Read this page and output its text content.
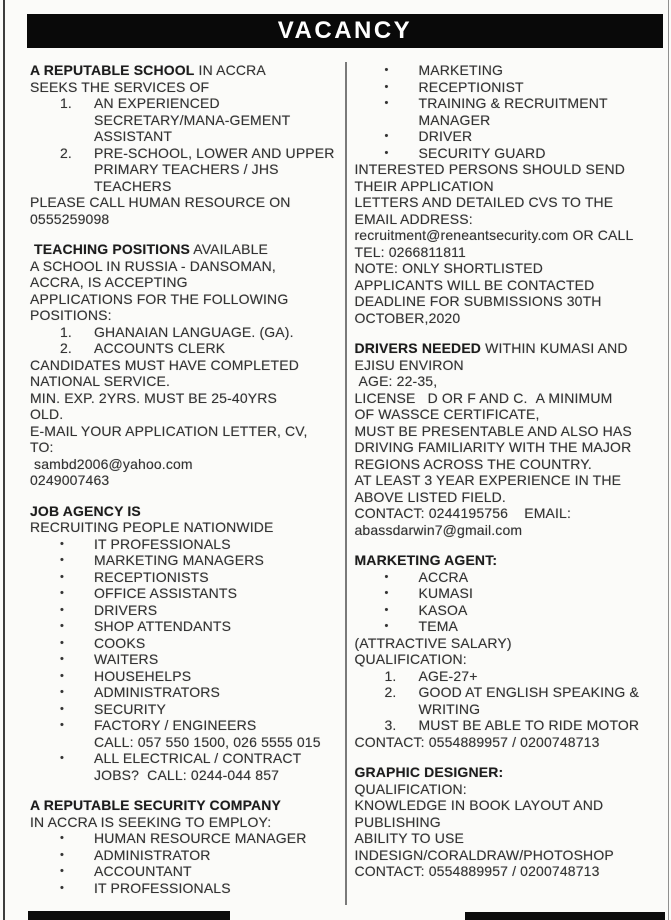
VACANCY
A REPUTABLE SCHOOL IN ACCRA
SEEKS THE SERVICES OF
1.	AN EXPERIENCED SECRETARY/MANA-GEMENT ASSISTANT
2.	PRE-SCHOOL, LOWER AND UPPER PRIMARY TEACHERS / JHS TEACHERS
PLEASE CALL HUMAN RESOURCE ON
0555259098
TEACHING POSITIONS AVAILABLE
A SCHOOL IN RUSSIA - DANSOMAN,
ACCRA, IS ACCEPTING
APPLICATIONS FOR THE FOLLOWING
POSITIONS:
1.	GHANAIAN LANGUAGE. (GA).
2.	ACCOUNTS CLERK
CANDIDATES MUST HAVE COMPLETED
NATIONAL SERVICE.
MIN. EXP. 2YRS. MUST BE 25-40YRS
OLD.
E-MAIL YOUR APPLICATION LETTER, CV,
TO:
sambd2006@yahoo.com
0249007463
JOB AGENCY IS
RECRUITING PEOPLE NATIONWIDE
•	IT PROFESSIONALS
•	MARKETING MANAGERS
•	RECEPTIONISTS
•	OFFICE ASSISTANTS
•	DRIVERS
•	SHOP ATTENDANTS
•	COOKS
•	WAITERS
•	HOUSEHELPS
•	ADMINISTRATORS
•	SECURITY
•	FACTORY / ENGINEERS
CALL: 057 550 1500, 026 5555 015
•	ALL ELECTRICAL / CONTRACT JOBS?  CALL: 0244-044 857
A REPUTABLE SECURITY COMPANY
IN ACCRA IS SEEKING TO EMPLOY:
•	HUMAN RESOURCE MANAGER
•	ADMINISTRATOR
•	ACCOUNTANT
•	IT PROFESSIONALS
•	MARKETING
•	RECEPTIONIST
•	TRAINING & RECRUITMENT MANAGER
•	DRIVER
•	SECURITY GUARD
INTERESTED PERSONS SHOULD SEND
THEIR APPLICATION
LETTERS AND DETAILED CVS TO THE
EMAIL ADDRESS:
recruitment@reneantsecurity.com OR CALL
TEL: 0266811811
NOTE: ONLY SHORTLISTED
APPLICANTS WILL BE CONTACTED
DEADLINE FOR SUBMISSIONS 30TH
OCTOBER,2020
DRIVERS NEEDED WITHIN KUMASI AND
EJISU ENVIRON
AGE: 22-35,
LICENSE   D OR F AND C.  A MINIMUM
OF WASSCE CERTIFICATE,
MUST BE PRESENTABLE AND ALSO HAS
DRIVING FAMILIARITY WITH THE MAJOR
REGIONS ACROSS THE COUNTRY.
AT LEAST 3 YEAR EXPERIENCE IN THE
ABOVE LISTED FIELD.
CONTACT: 0244195756    EMAIL:
abassdarwin7@gmail.com
MARKETING AGENT:
•	ACCRA
•	KUMASI
•	KASOA
•	TEMA
(ATTRACTIVE SALARY)
QUALIFICATION:
1.	AGE-27+
2.	GOOD AT ENGLISH SPEAKING & WRITING
3.	MUST BE ABLE TO RIDE MOTOR
CONTACT: 0554889957 / 0200748713
GRAPHIC DESIGNER:
QUALIFICATION:
KNOWLEDGE IN BOOK LAYOUT AND
PUBLISHING
ABILITY TO USE
INDESIGN/CORALDRAW/PHOTOSHOP
CONTACT: 0554889957 / 0200748713
